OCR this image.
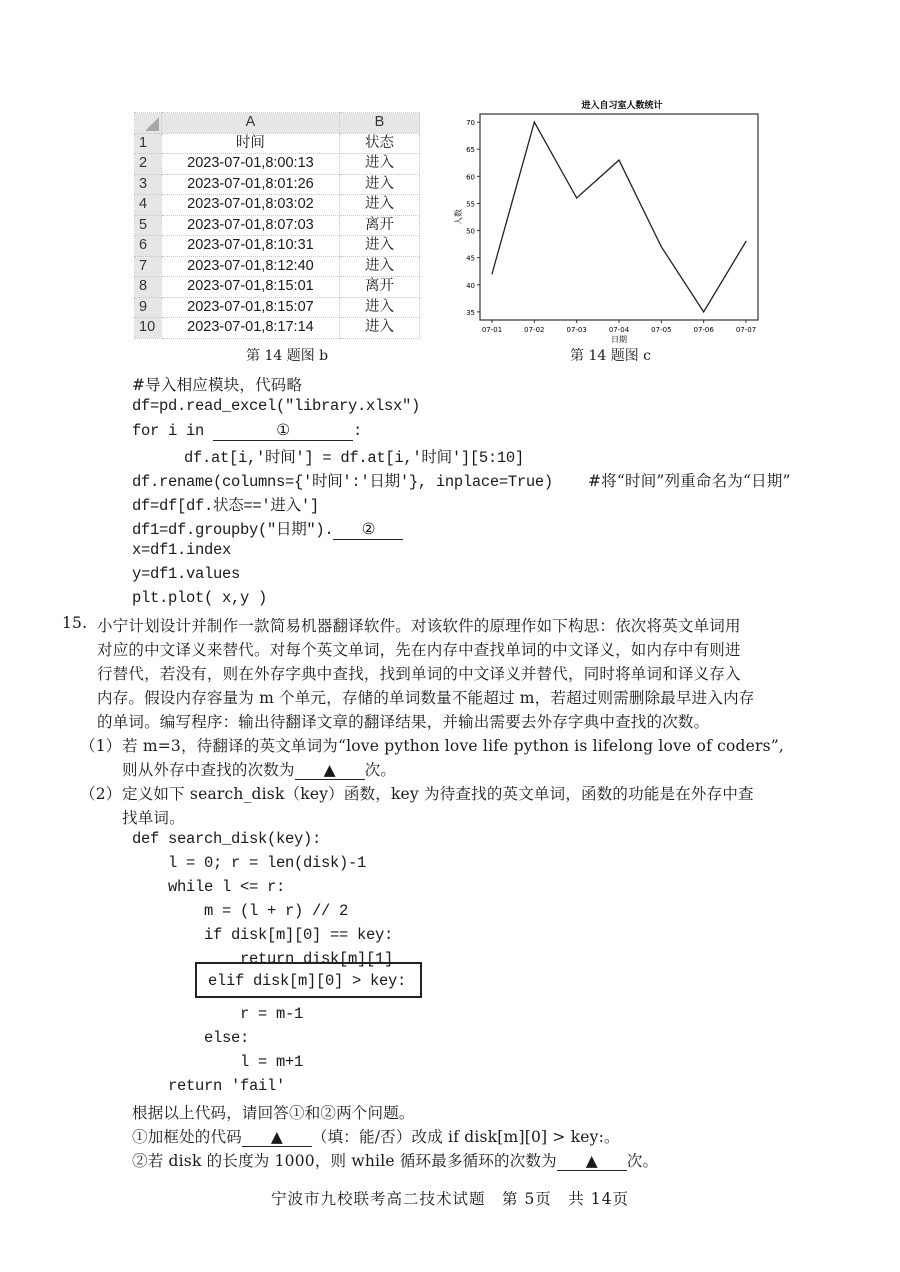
	A	B
1	时间	状态
2	2023-07-01,8:00:13	进入
3	2023-07-01,8:01:26	进入
4	2023-07-01,8:03:02	进入
5	2023-07-01,8:07:03	离开
6	2023-07-01,8:10:31	进入
7	2023-07-01,8:12:40	进入
8	2023-07-01,8:15:01	离开
9	2023-07-01,8:15:07	进入
10	2023-07-01,8:17:14	进入
第 14 题图 b
进入自习室人数统计
35
40
45
50
55
60
65
70
07-01	07-02	07-03	07-04	07-05	07-06	07-07
人数
日期
第 14 题图 c
#导入相应模块，代码略
df=pd.read_excel("library.xlsx")
for i in	①	:
df.at[i,'时间'] = df.at[i,'时间'][5:10]
df.rename(columns={'时间':'日期'}, inplace=True) #将“时间”列重命名为“日期”
df=df[df.状态=='进入']
df1=df.groupby("日期"). ②
x=df1.index
y=df1.values
plt.plot( x,y )
15. 小宁计划设计并制作一款简易机器翻译软件。对该软件的原理作如下构思：依次将英文单词用
对应的中文译义来替代。对每个英文单词，先在内存中查找单词的中文译义，如内存中有则进
行替代，若没有，则在外存字典中查找，找到单词的中文译义并替代，同时将单词和译义存入
内存。假设内存容量为 m 个单元，存储的单词数量不能超过 m，若超过则需删除最早进入内存
的单词。编写程序：输出待翻译文章的翻译结果，并输出需要去外存字典中查找的次数。
（1） 若 m=3，待翻译的英文单词为“love python love life python is lifelong love of coders”,
则从外存中查找的次数为 ▲ 次。
（2） 定义如下 search_disk（key）函数，key 为待查找的英文单词，函数的功能是在外存中查
找单词。
def search_disk(key):
l = 0; r = len(disk)-1
while l <= r:
m = (l + r) // 2
if disk[m][0] == key:
return disk[m][1]
elif disk[m][0] > key:
r = m-1
else:
l = m+1
return 'fail'
根据以上代码，请回答①和②两个问题。
①加框处的代码 ▲ （填：能/否）改成 if disk[m][0] > key:。
②若 disk 的长度为 1000，则 while 循环最多循环的次数为 ▲ 次。
宁波市九校联考高二技术试题　第 5页　共 14页
